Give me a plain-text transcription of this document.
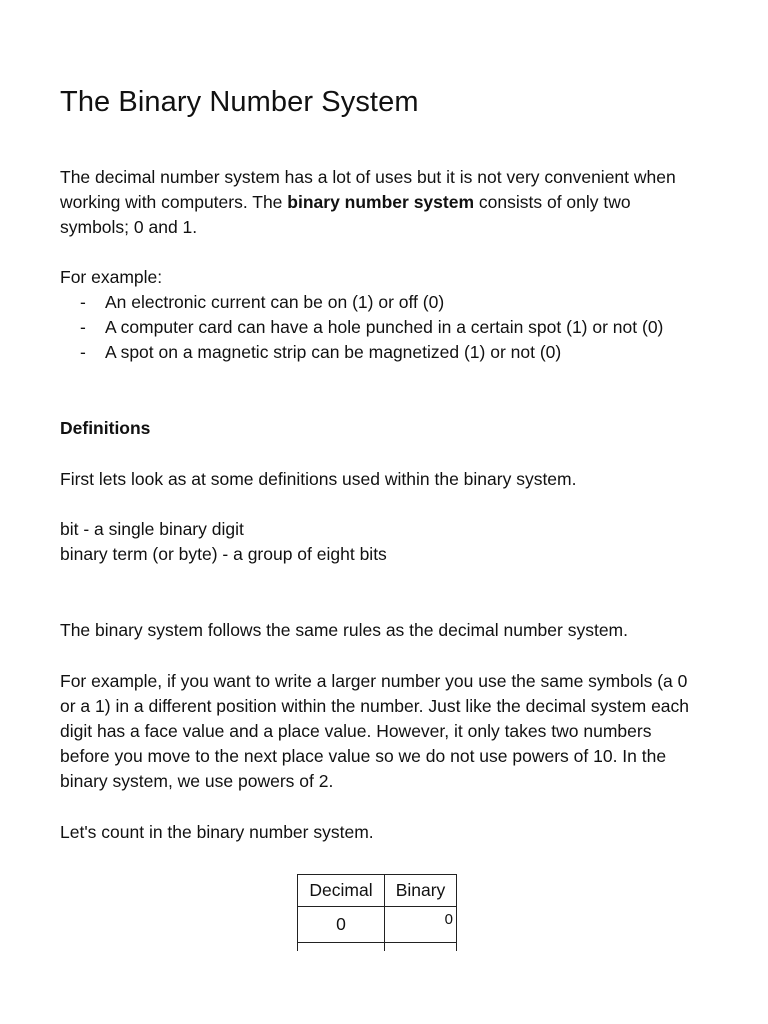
The Binary Number System

The decimal number system has a lot of uses but it is not very convenient when working with computers. The binary number system consists of only two symbols; 0 and 1.

For example:

- An electronic current can be on (1) or off (0)
- A computer card can have a hole punched in a certain spot (1) or not (0)
- A spot on a magnetic strip can be magnetized (1) or not (0)
Definitions
First lets look as at some definitions used within the binary system.

bit - a single binary digit

binary term (or byte) - a group of eight bits

The binary system follows the same rules as the decimal number system.
For example, if you want to write a larger number you use the same symbols (a 0 or a 1) in a different position within the number. Just like the decimal system each digit has a face value and a place value. However, it only takes two numbers before you move to the next place value so we do not use powers of 10. In the binary system, we use powers of 2.
Let's count in the binary number system.
Decimal	Binary
0	0
